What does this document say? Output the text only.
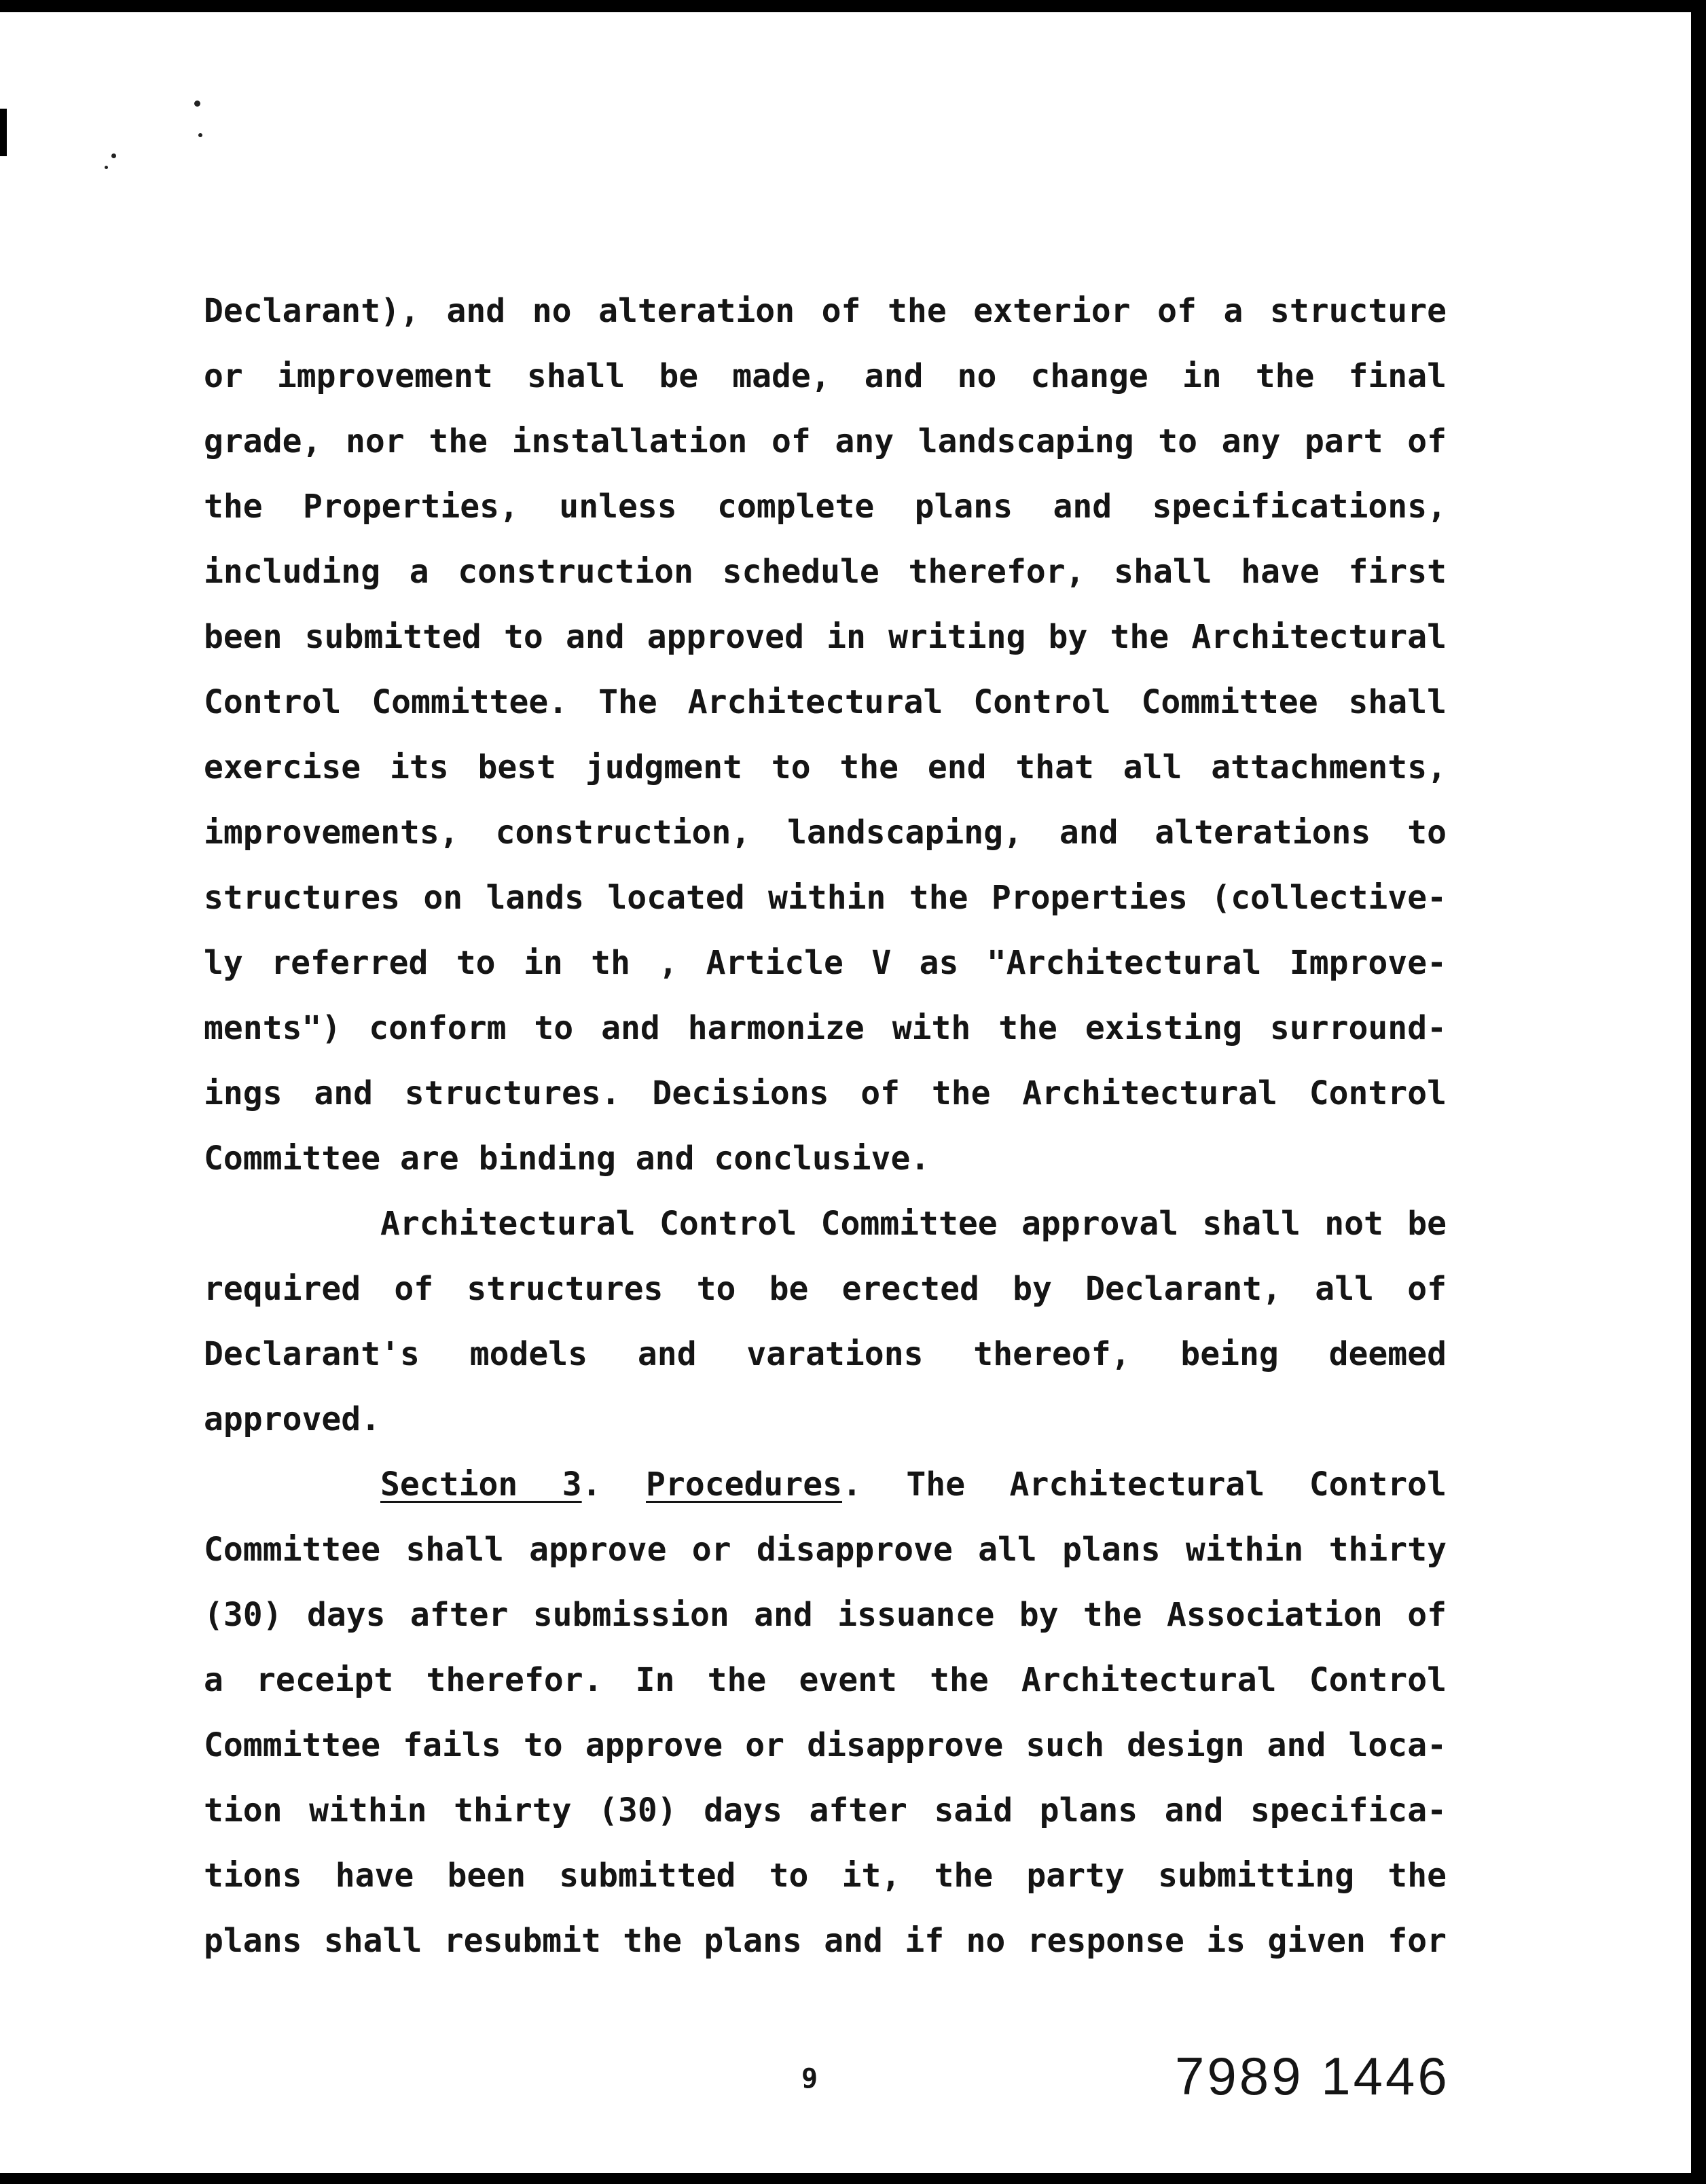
Declarant), and no alteration of the exterior of a structure
or improvement shall be made, and no change in the final
grade, nor the installation of any landscaping to any part of
the Properties, unless complete plans and specifications,
including a construction schedule therefor, shall have first
been submitted to and approved in writing by the Architectural
Control Committee. The Architectural Control Committee shall
exercise its best judgment to the end that all attachments,
improvements, construction, landscaping, and alterations to
structures on lands located within the Properties (collective-
ly referred to in th , Article V as "Architectural Improve-
ments") conform to and harmonize with the existing surround-
ings and structures. Decisions of the Architectural Control
Committee are binding and conclusive.
Architectural Control Committee approval shall not be
required of structures to be erected by Declarant, all of
Declarant's models and varations thereof, being deemed
approved.
Section 3. Procedures. The Architectural Control
Committee shall approve or disapprove all plans within thirty
(30) days after submission and issuance by the Association of
a receipt therefor. In the event the Architectural Control
Committee fails to approve or disapprove such design and loca-
tion within thirty (30) days after said plans and specifica-
tions have been submitted to it, the party submitting the
plans shall resubmit the plans and if no response is given for
9	7989 1446
